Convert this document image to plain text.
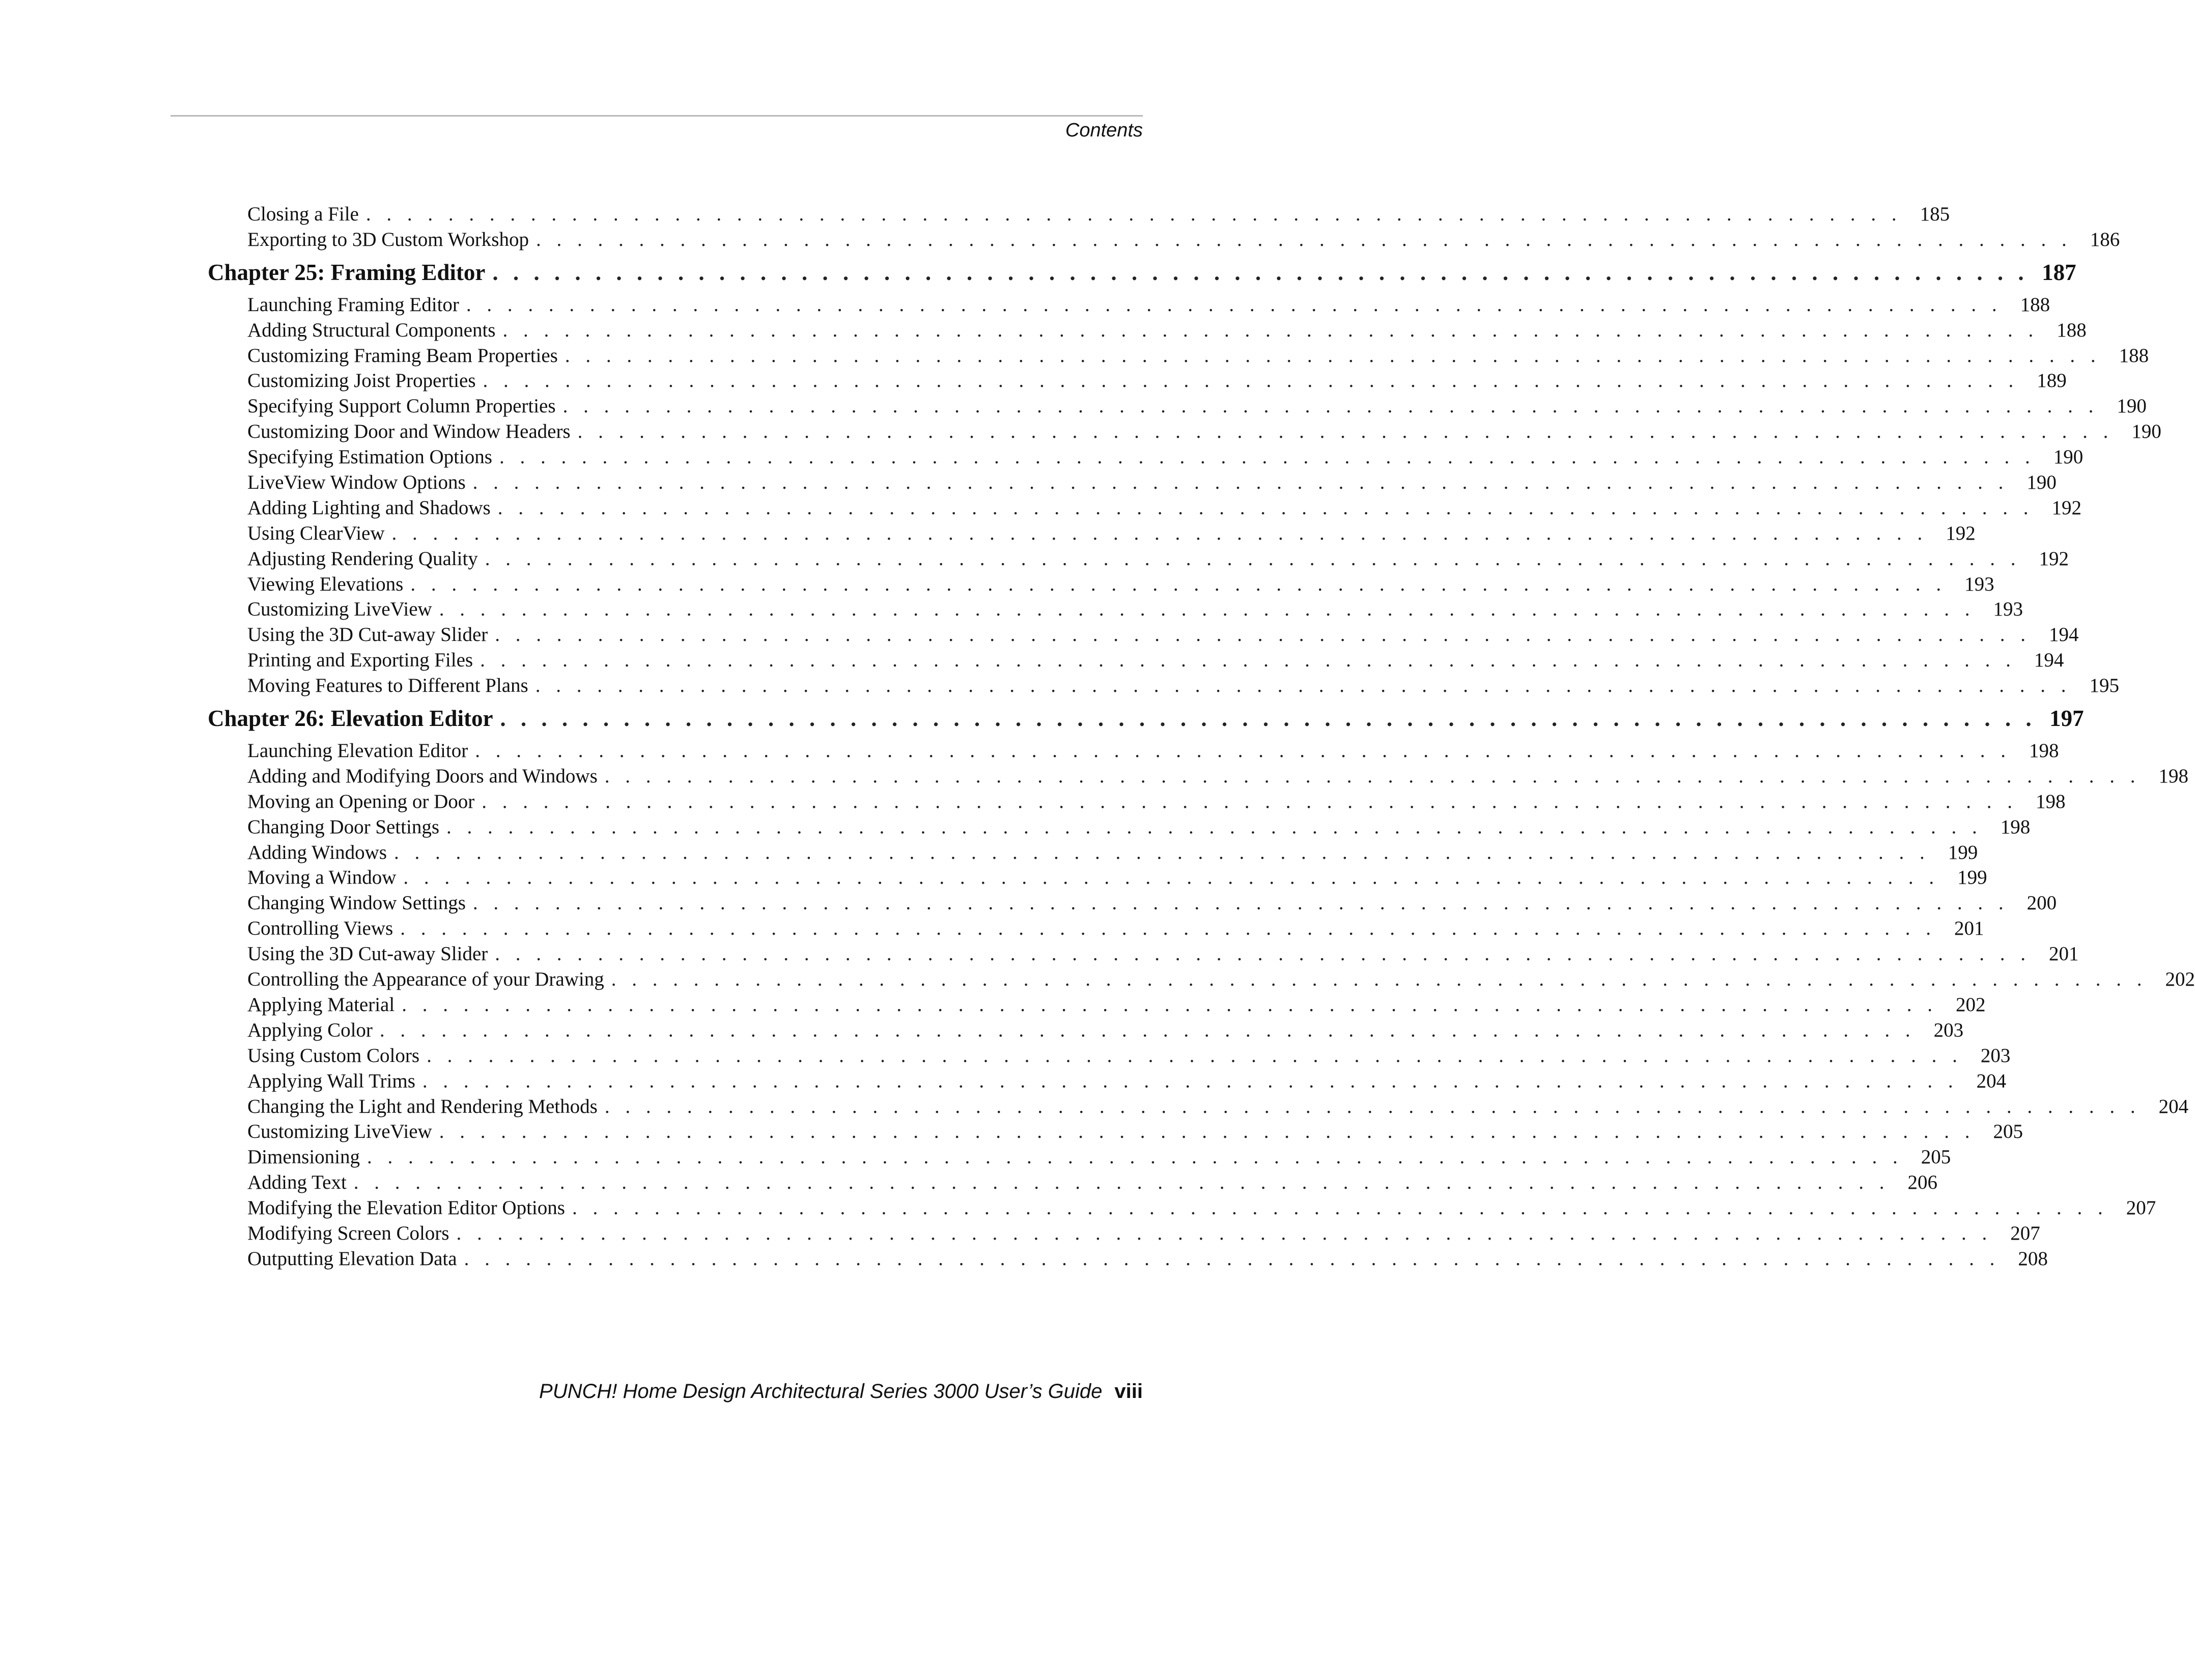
Contents
Closing a File . . . . . . . . . . . . . . . . . . . . . . . . . . . . . . . . . . . . . . . . . . . . . . . . . . . . . . . . . . . . . . . . . . . . . . . . . . . 185
Exporting to 3D Custom Workshop . . . . . . . . . . . . . . . . . . . . . . . . . . . . . . . . . . . . . . . . . . . . . . . . . . . . . . . . . . . . . . . . . . . . . . . . . . . 186
Chapter 25: Framing Editor . . . . . . . . . . . . . . . . . . . . . . . . . . . . . . . . . . . . . . . . . . . . . . . . . . . . . . . . . . . . . . . . . . . . . . . . . . . 187
Launching Framing Editor . . . . . . . . . . . . . . . . . . . . . . . . . . . . . . . . . . . . . . . . . . . . . . . . . . . . . . . . . . . . . . . . . . . . . . . . . . . 188
Adding Structural Components . . . . . . . . . . . . . . . . . . . . . . . . . . . . . . . . . . . . . . . . . . . . . . . . . . . . . . . . . . . . . . . . . . . . . . . . . . . 188
Customizing Framing Beam Properties . . . . . . . . . . . . . . . . . . . . . . . . . . . . . . . . . . . . . . . . . . . . . . . . . . . . . . . . . . . . . . . . . . . . . . . . . . . 188
Customizing Joist Properties . . . . . . . . . . . . . . . . . . . . . . . . . . . . . . . . . . . . . . . . . . . . . . . . . . . . . . . . . . . . . . . . . . . . . . . . . . . 189
Specifying Support Column Properties . . . . . . . . . . . . . . . . . . . . . . . . . . . . . . . . . . . . . . . . . . . . . . . . . . . . . . . . . . . . . . . . . . . . . . . . . . . 190
Customizing Door and Window Headers . . . . . . . . . . . . . . . . . . . . . . . . . . . . . . . . . . . . . . . . . . . . . . . . . . . . . . . . . . . . . . . . . . . . . . . . . . . 190
Specifying Estimation Options . . . . . . . . . . . . . . . . . . . . . . . . . . . . . . . . . . . . . . . . . . . . . . . . . . . . . . . . . . . . . . . . . . . . . . . . . . . 190
LiveView Window Options . . . . . . . . . . . . . . . . . . . . . . . . . . . . . . . . . . . . . . . . . . . . . . . . . . . . . . . . . . . . . . . . . . . . . . . . . . . 190
Adding Lighting and Shadows . . . . . . . . . . . . . . . . . . . . . . . . . . . . . . . . . . . . . . . . . . . . . . . . . . . . . . . . . . . . . . . . . . . . . . . . . . . 192
Using ClearView . . . . . . . . . . . . . . . . . . . . . . . . . . . . . . . . . . . . . . . . . . . . . . . . . . . . . . . . . . . . . . . . . . . . . . . . . . . 192
Adjusting Rendering Quality . . . . . . . . . . . . . . . . . . . . . . . . . . . . . . . . . . . . . . . . . . . . . . . . . . . . . . . . . . . . . . . . . . . . . . . . . . . 192
Viewing Elevations . . . . . . . . . . . . . . . . . . . . . . . . . . . . . . . . . . . . . . . . . . . . . . . . . . . . . . . . . . . . . . . . . . . . . . . . . . . 193
Customizing LiveView . . . . . . . . . . . . . . . . . . . . . . . . . . . . . . . . . . . . . . . . . . . . . . . . . . . . . . . . . . . . . . . . . . . . . . . . . . . 193
Using the 3D Cut-away Slider . . . . . . . . . . . . . . . . . . . . . . . . . . . . . . . . . . . . . . . . . . . . . . . . . . . . . . . . . . . . . . . . . . . . . . . . . . . 194
Printing and Exporting Files . . . . . . . . . . . . . . . . . . . . . . . . . . . . . . . . . . . . . . . . . . . . . . . . . . . . . . . . . . . . . . . . . . . . . . . . . . . 194
Moving Features to Different Plans . . . . . . . . . . . . . . . . . . . . . . . . . . . . . . . . . . . . . . . . . . . . . . . . . . . . . . . . . . . . . . . . . . . . . . . . . . . 195
Chapter 26: Elevation Editor . . . . . . . . . . . . . . . . . . . . . . . . . . . . . . . . . . . . . . . . . . . . . . . . . . . . . . . . . . . . . . . . . . . . . . . . . . . 197
Launching Elevation Editor . . . . . . . . . . . . . . . . . . . . . . . . . . . . . . . . . . . . . . . . . . . . . . . . . . . . . . . . . . . . . . . . . . . . . . . . . . . 198
Adding and Modifying Doors and Windows . . . . . . . . . . . . . . . . . . . . . . . . . . . . . . . . . . . . . . . . . . . . . . . . . . . . . . . . . . . . . . . . . . . . . . . . . . . 198
Moving an Opening or Door . . . . . . . . . . . . . . . . . . . . . . . . . . . . . . . . . . . . . . . . . . . . . . . . . . . . . . . . . . . . . . . . . . . . . . . . . . . 198
Changing Door Settings . . . . . . . . . . . . . . . . . . . . . . . . . . . . . . . . . . . . . . . . . . . . . . . . . . . . . . . . . . . . . . . . . . . . . . . . . . . 198
Adding Windows . . . . . . . . . . . . . . . . . . . . . . . . . . . . . . . . . . . . . . . . . . . . . . . . . . . . . . . . . . . . . . . . . . . . . . . . . . . 199
Moving a Window . . . . . . . . . . . . . . . . . . . . . . . . . . . . . . . . . . . . . . . . . . . . . . . . . . . . . . . . . . . . . . . . . . . . . . . . . . . 199
Changing Window Settings . . . . . . . . . . . . . . . . . . . . . . . . . . . . . . . . . . . . . . . . . . . . . . . . . . . . . . . . . . . . . . . . . . . . . . . . . . . 200
Controlling Views . . . . . . . . . . . . . . . . . . . . . . . . . . . . . . . . . . . . . . . . . . . . . . . . . . . . . . . . . . . . . . . . . . . . . . . . . . . 201
Using the 3D Cut-away Slider . . . . . . . . . . . . . . . . . . . . . . . . . . . . . . . . . . . . . . . . . . . . . . . . . . . . . . . . . . . . . . . . . . . . . . . . . . . 201
Controlling the Appearance of your Drawing . . . . . . . . . . . . . . . . . . . . . . . . . . . . . . . . . . . . . . . . . . . . . . . . . . . . . . . . . . . . . . . . . . . . . . . . . . . 202
Applying Material . . . . . . . . . . . . . . . . . . . . . . . . . . . . . . . . . . . . . . . . . . . . . . . . . . . . . . . . . . . . . . . . . . . . . . . . . . . 202
Applying Color . . . . . . . . . . . . . . . . . . . . . . . . . . . . . . . . . . . . . . . . . . . . . . . . . . . . . . . . . . . . . . . . . . . . . . . . . . . 203
Using Custom Colors . . . . . . . . . . . . . . . . . . . . . . . . . . . . . . . . . . . . . . . . . . . . . . . . . . . . . . . . . . . . . . . . . . . . . . . . . . . 203
Applying Wall Trims . . . . . . . . . . . . . . . . . . . . . . . . . . . . . . . . . . . . . . . . . . . . . . . . . . . . . . . . . . . . . . . . . . . . . . . . . . . 204
Changing the Light and Rendering Methods . . . . . . . . . . . . . . . . . . . . . . . . . . . . . . . . . . . . . . . . . . . . . . . . . . . . . . . . . . . . . . . . . . . . . . . . . . . 204
Customizing LiveView . . . . . . . . . . . . . . . . . . . . . . . . . . . . . . . . . . . . . . . . . . . . . . . . . . . . . . . . . . . . . . . . . . . . . . . . . . . 205
Dimensioning . . . . . . . . . . . . . . . . . . . . . . . . . . . . . . . . . . . . . . . . . . . . . . . . . . . . . . . . . . . . . . . . . . . . . . . . . . . 205
Adding Text . . . . . . . . . . . . . . . . . . . . . . . . . . . . . . . . . . . . . . . . . . . . . . . . . . . . . . . . . . . . . . . . . . . . . . . . . . . 206
Modifying the Elevation Editor Options . . . . . . . . . . . . . . . . . . . . . . . . . . . . . . . . . . . . . . . . . . . . . . . . . . . . . . . . . . . . . . . . . . . . . . . . . . . 207
Modifying Screen Colors . . . . . . . . . . . . . . . . . . . . . . . . . . . . . . . . . . . . . . . . . . . . . . . . . . . . . . . . . . . . . . . . . . . . . . . . . . . 207
Outputting Elevation Data . . . . . . . . . . . . . . . . . . . . . . . . . . . . . . . . . . . . . . . . . . . . . . . . . . . . . . . . . . . . . . . . . . . . . . . . . . . 208
PUNCH! Home Design Architectural Series 3000 User’s Guide viii
